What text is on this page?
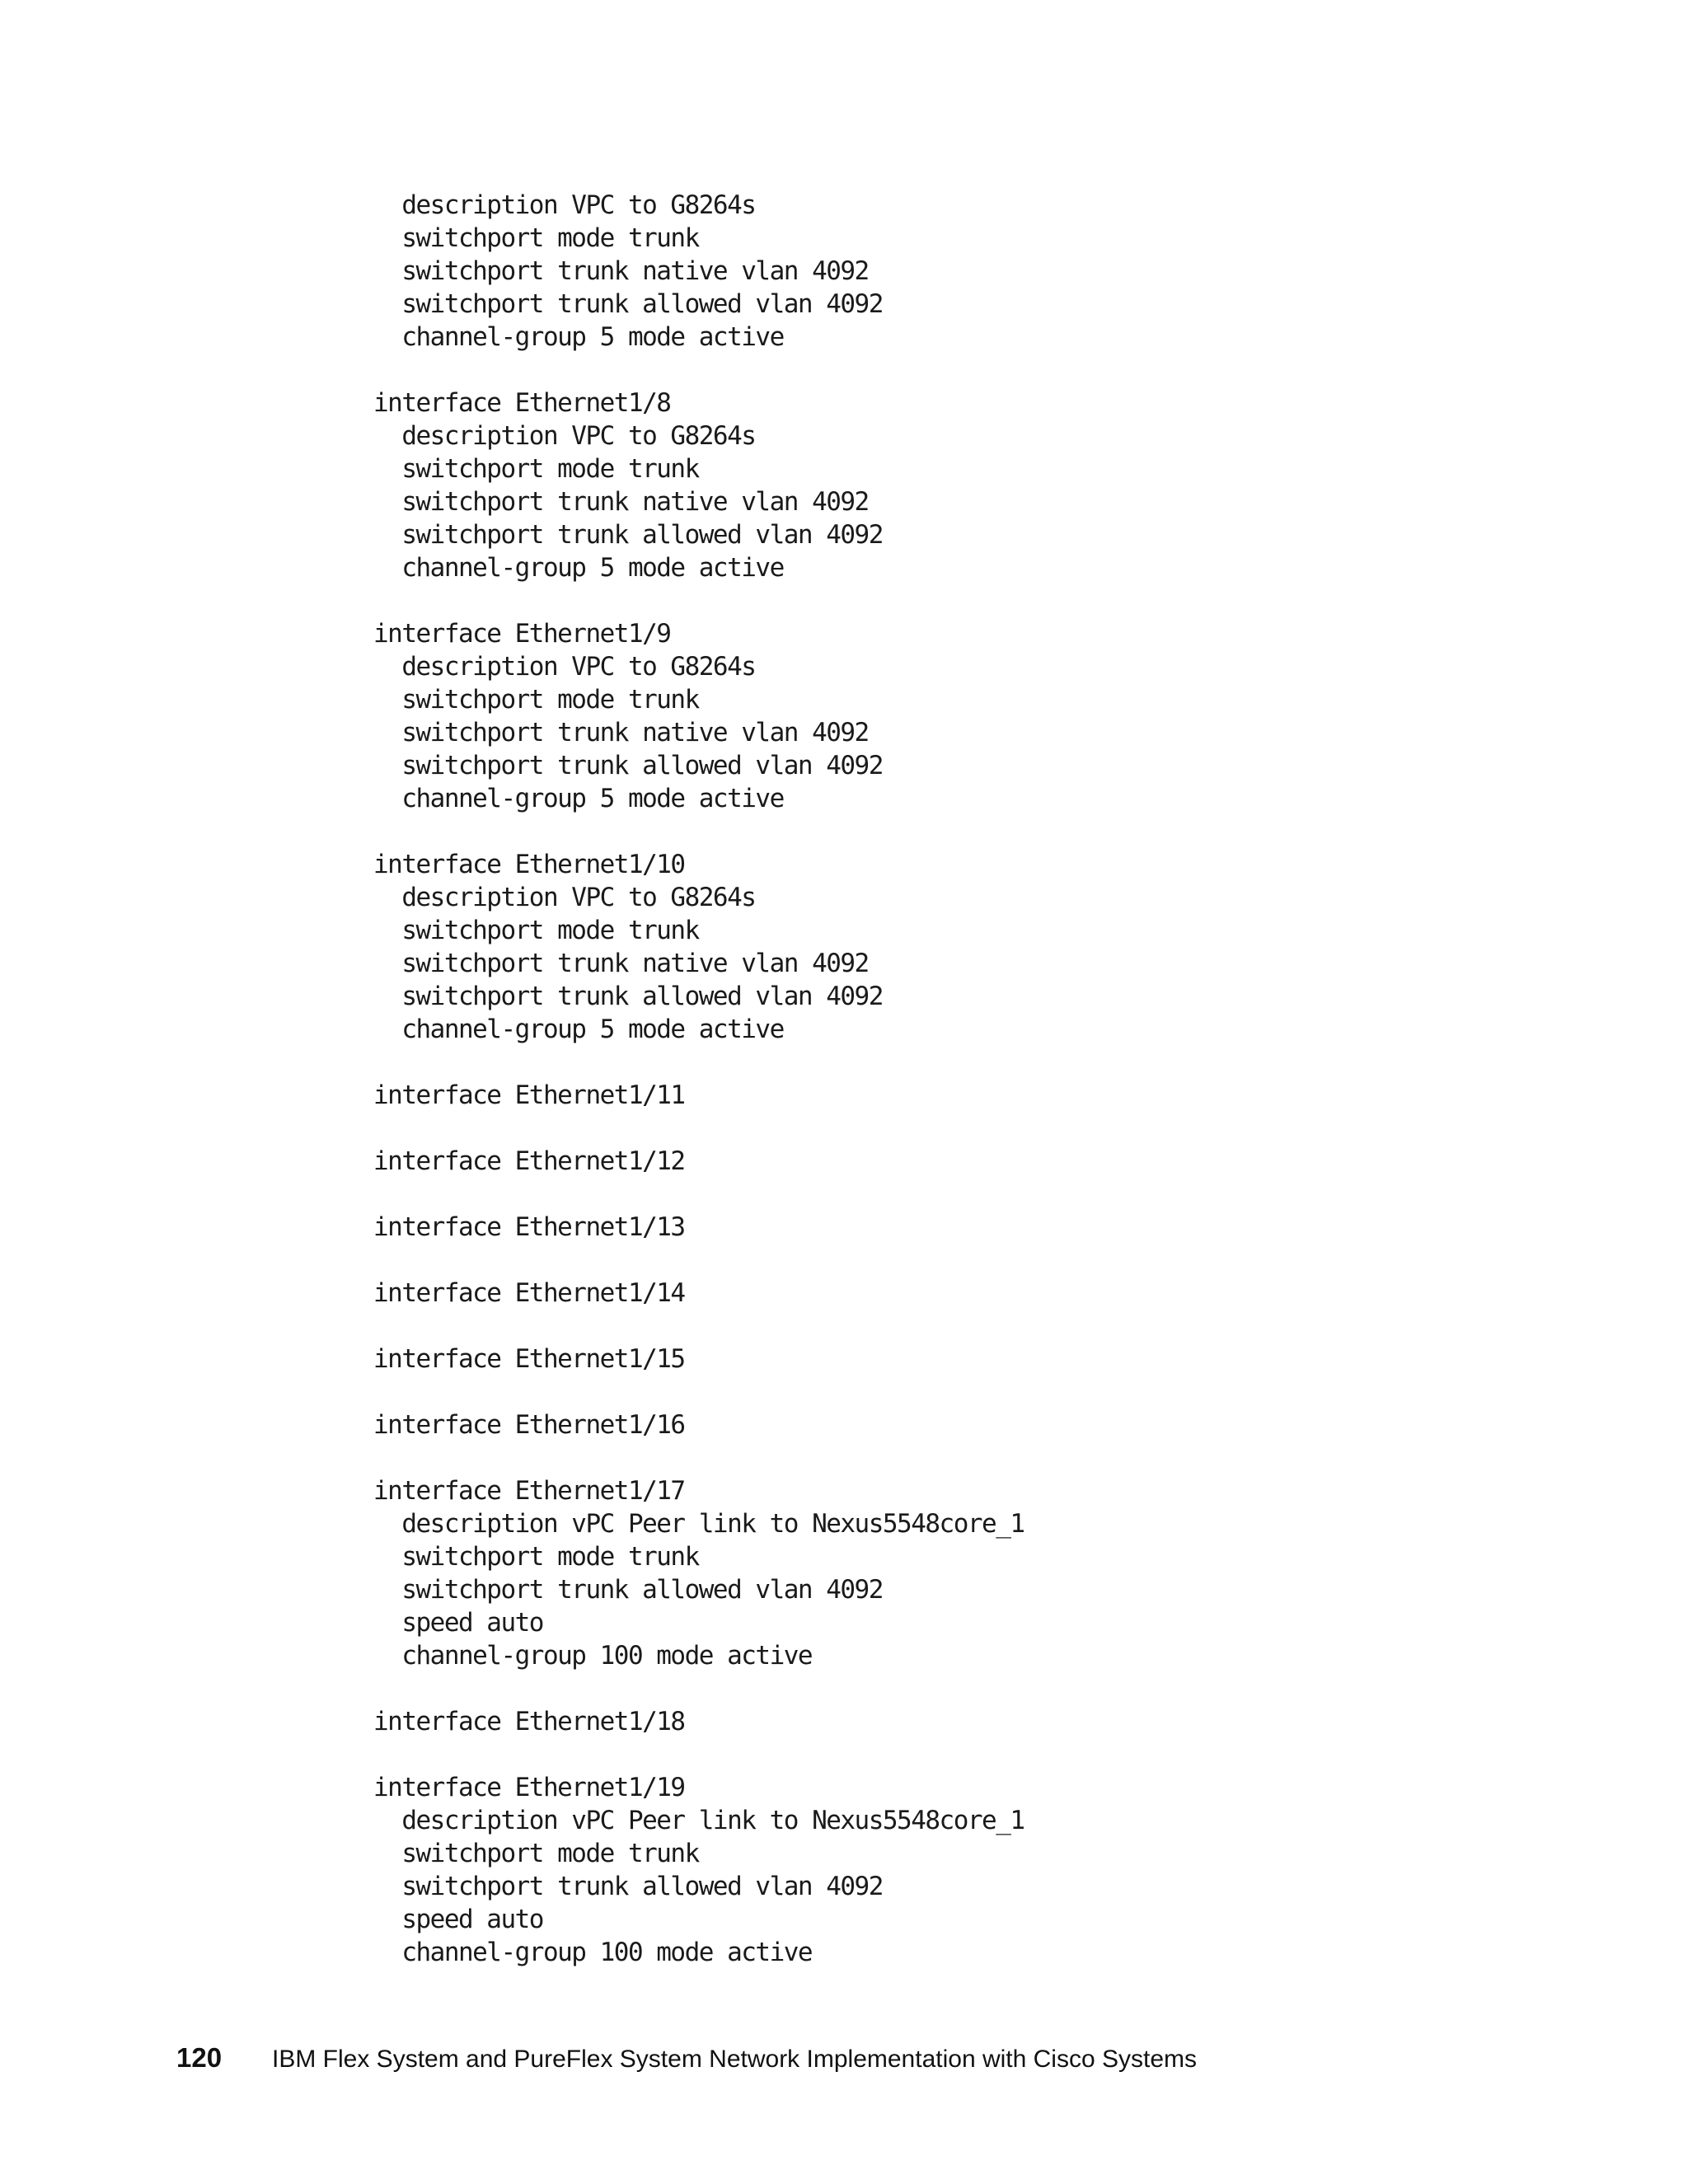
description VPC to G8264s
switchport mode trunk
switchport trunk native vlan 4092
switchport trunk allowed vlan 4092
channel-group 5 mode active
interface Ethernet1/8
description VPC to G8264s
switchport mode trunk
switchport trunk native vlan 4092
switchport trunk allowed vlan 4092
channel-group 5 mode active
interface Ethernet1/9
description VPC to G8264s
switchport mode trunk
switchport trunk native vlan 4092
switchport trunk allowed vlan 4092
channel-group 5 mode active
interface Ethernet1/10
description VPC to G8264s
switchport mode trunk
switchport trunk native vlan 4092
switchport trunk allowed vlan 4092
channel-group 5 mode active
interface Ethernet1/11
interface Ethernet1/12
interface Ethernet1/13
interface Ethernet1/14
interface Ethernet1/15
interface Ethernet1/16
interface Ethernet1/17
description vPC Peer link to Nexus5548core_1
switchport mode trunk
switchport trunk allowed vlan 4092
speed auto
channel-group 100 mode active
interface Ethernet1/18
interface Ethernet1/19
description vPC Peer link to Nexus5548core_1
switchport mode trunk
switchport trunk allowed vlan 4092
speed auto
channel-group 100 mode active
120	IBM Flex System and PureFlex System Network Implementation with Cisco Systems
